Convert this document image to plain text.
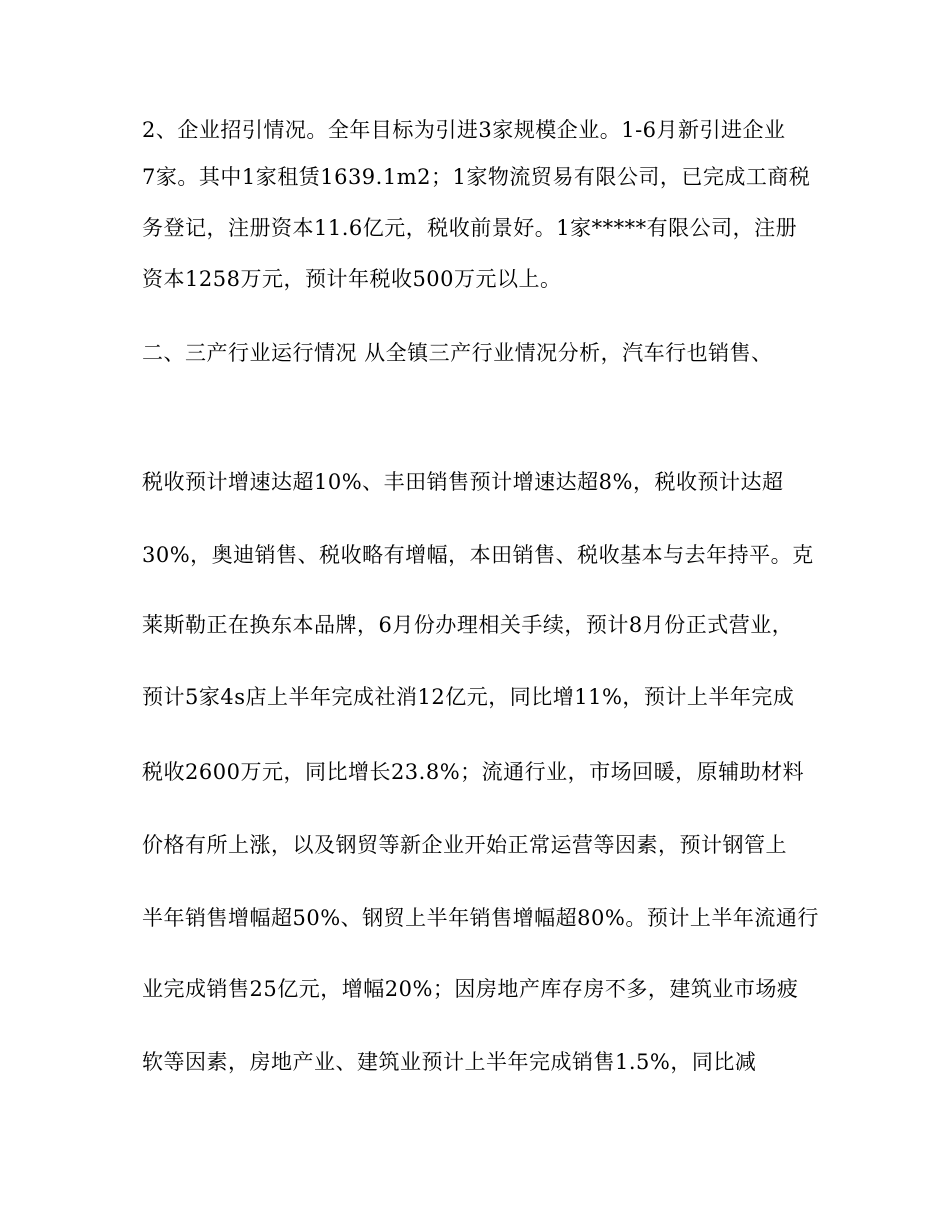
2、企业招引情况。全年目标为引进3家规模企业。1-6月新引进企业
7家。其中1家租赁1639.1m2；1家物流贸易有限公司，已完成工商税
务登记，注册资本11.6亿元，税收前景好。1家*****有限公司，注册
资本1258万元，预计年税收500万元以上。
二、三产行业运行情况 从全镇三产行业情况分析，汽车行也销售、
税收预计增速达超10%、丰田销售预计增速达超8%，税收预计达超
30%，奥迪销售、税收略有增幅，本田销售、税收基本与去年持平。克
莱斯勒正在换东本品牌，6月份办理相关手续，预计8月份正式营业，
预计5家4s店上半年完成社消12亿元，同比增11%，预计上半年完成
税收2600万元，同比增长23.8%；流通行业，市场回暖，原辅助材料
价格有所上涨，以及钢贸等新企业开始正常运营等因素，预计钢管上
半年销售增幅超50%、钢贸上半年销售增幅超80%。预计上半年流通行
业完成销售25亿元，增幅20%；因房地产库存房不多，建筑业市场疲
软等因素，房地产业、建筑业预计上半年完成销售1.5%，同比减
